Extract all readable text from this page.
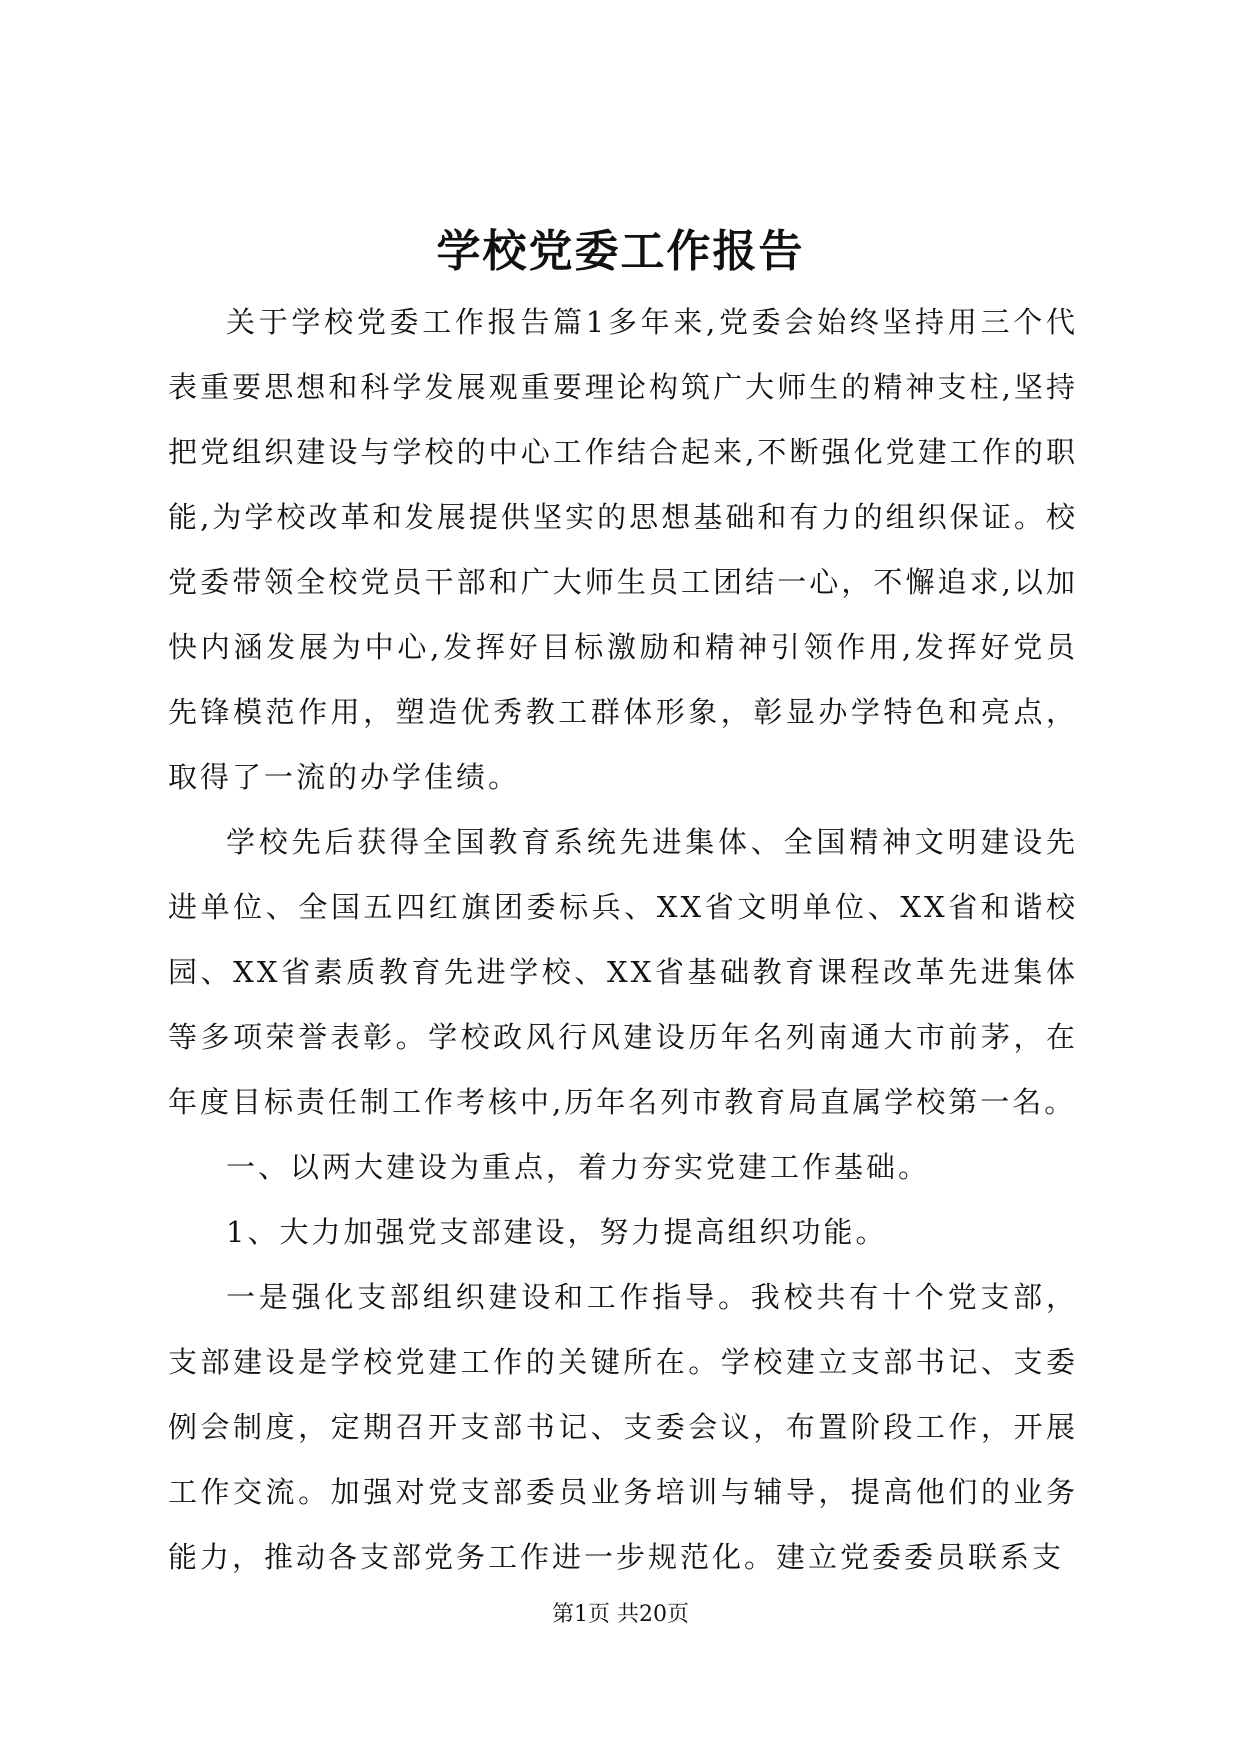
学校党委工作报告

关于学校党委工作报告篇1多年来,党委会始终坚持用三个代表重要思想和科学发展观重要理论构筑广大师生的精神支柱,坚持把党组织建设与学校的中心工作结合起来,不断强化党建工作的职能,为学校改革和发展提供坚实的思想基础和有力的组织保证。校党委带领全校党员干部和广大师生员工团结一心，不懈追求,以加快内涵发展为中心,发挥好目标激励和精神引领作用,发挥好党员先锋模范作用，塑造优秀教工群体形象，彰显办学特色和亮点，取得了一流的办学佳绩。

学校先后获得全国教育系统先进集体、全国精神文明建设先进单位、全国五四红旗团委标兵、XX省文明单位、XX省和谐校园、XX省素质教育先进学校、XX省基础教育课程改革先进集体等多项荣誉表彰。学校政风行风建设历年名列南通大市前茅，在年度目标责任制工作考核中,历年名列市教育局直属学校第一名。

一、以两大建设为重点，着力夯实党建工作基础。

1、大力加强党支部建设，努力提高组织功能。

一是强化支部组织建设和工作指导。我校共有十个党支部，支部建设是学校党建工作的关键所在。学校建立支部书记、支委例会制度，定期召开支部书记、支委会议，布置阶段工作，开展工作交流。加强对党支部委员业务培训与辅导，提高他们的业务能力，推动各支部党务工作进一步规范化。建立党委委员联系支

第1页 共20页
